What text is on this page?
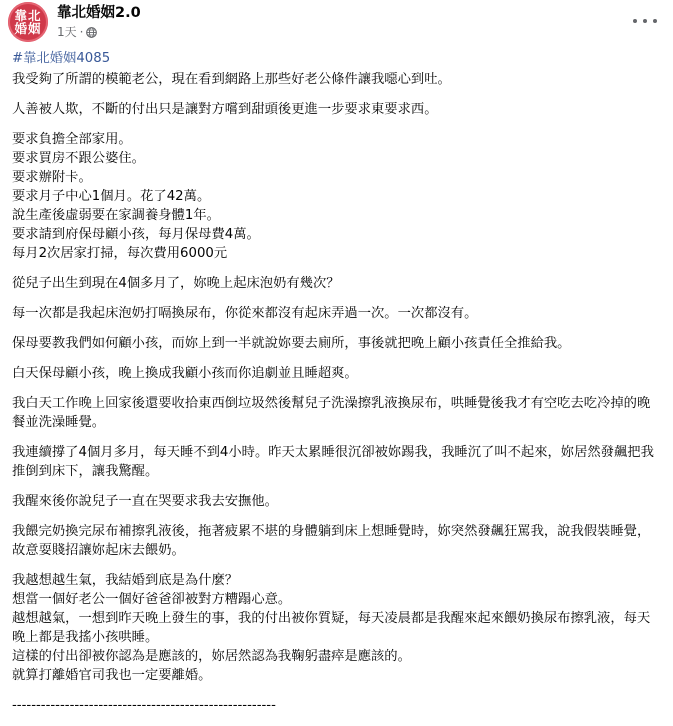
靠北
婚姻
靠北婚姻2.0
1天 ·

#靠北婚姻4085

我受夠了所謂的模範老公，現在看到網路上那些好老公條件讓我噁心到吐。

人善被人欺，不斷的付出只是讓對方嚐到甜頭後更進一步要求東要求西。

要求負擔全部家用。
要求買房不跟公婆住。
要求辦附卡。
要求月子中心1個月。花了42萬。
說生產後虛弱要在家調養身體1年。
要求請到府保母顧小孩，每月保母費4萬。
每月2次居家打掃，每次費用6000元

從兒子出生到現在4個多月了，妳晚上起床泡奶有幾次？

每一次都是我起床泡奶打嗝換尿布，你從來都沒有起床弄過一次。一次都沒有。

保母要教我們如何顧小孩，而妳上到一半就說妳要去廁所，事後就把晚上顧小孩責任全推給我。

白天保母顧小孩，晚上換成我顧小孩而你追劇並且睡超爽。

我白天工作晚上回家後還要收拾東西倒垃圾然後幫兒子洗澡擦乳液換尿布，哄睡覺後我才有空吃去吃冷掉的晚餐並洗澡睡覺。

我連續撐了4個月多月，每天睡不到4小時。昨天太累睡很沉卻被妳踢我，我睡沉了叫不起來，妳居然發飆把我推倒到床下，讓我驚醒。

我醒來後你說兒子一直在哭要求我去安撫他。

我餵完奶換完尿布補擦乳液後，拖著疲累不堪的身體躺到床上想睡覺時，妳突然發飆狂罵我，說我假裝睡覺，故意耍賤招讓妳起床去餵奶。

我越想越生氣，我結婚到底是為什麼？
想當一個好老公一個好爸爸卻被對方糟蹋心意。
越想越氣，一想到昨天晚上發生的事，我的付出被你質疑，每天凌晨都是我醒來起來餵奶換尿布擦乳液，每天晚上都是我搖小孩哄睡。
這樣的付出卻被你認為是應該的，妳居然認為我鞠躬盡瘁是應該的。
就算打離婚官司我也一定要離婚。

-------------------------------------------------------
